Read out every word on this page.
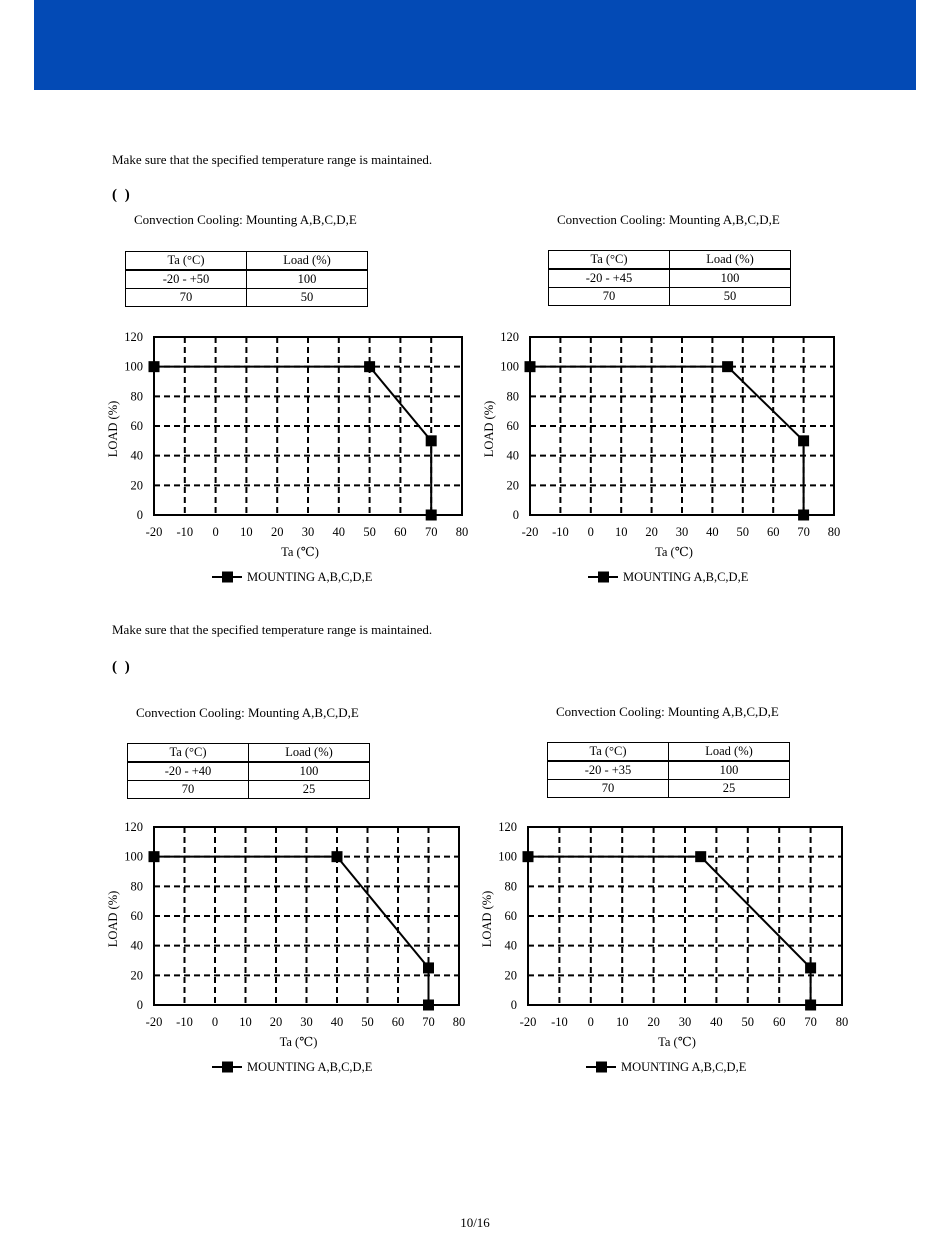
Make sure that the specified temperature range is maintained.
( )
Convection Cooling: Mounting A,B,C,D,E
Ta (°C)	Load (%)
-20 - +50	100
70	50
Convection Cooling: Mounting A,B,C,D,E
Ta (°C)	Load (%)
-20 - +45	100
70	50
Make sure that the specified temperature range is maintained.
( )
Convection Cooling: Mounting A,B,C,D,E
Ta (°C)	Load (%)
-20 - +40	100
70	25
Convection Cooling: Mounting A,B,C,D,E
Ta (°C)	Load (%)
-20 - +35	100
70	25
-20 -10 0 10 20 30 40 50 60 70 80
0
20
40
60
80
100
120
Ta (℃)
LOAD (%)
MOUNTING A,B,C,D,E
-20 -10 0 10 20 30 40 50 60 70 80
0
20
40
60
80
100
120
Ta (℃)
LOAD (%)
MOUNTING A,B,C,D,E
-20 -10 0 10 20 30 40 50 60 70 80
0
20
40
60
80
100
120
Ta (℃)
LOAD (%)
MOUNTING A,B,C,D,E
-20 -10 0 10 20 30 40 50 60 70 80
0
20
40
60
80
100
120
Ta (℃)
LOAD (%)
MOUNTING A,B,C,D,E
10/16
